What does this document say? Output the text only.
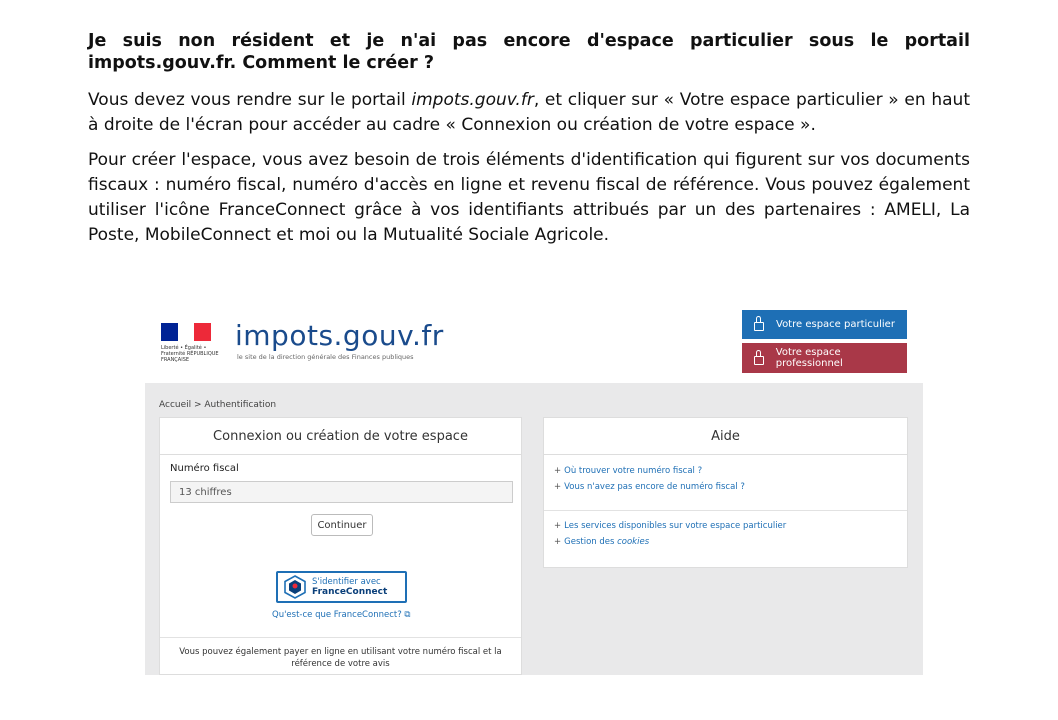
Je suis non résident et je n'ai pas encore d'espace particulier sous le portail impots.gouv.fr. Comment le créer ?

Vous devez vous rendre sur le portail impots.gouv.fr, et cliquer sur « Votre espace particulier » en haut à droite de l'écran pour accéder au cadre « Connexion ou création de votre espace ».

Pour créer l'espace, vous avez besoin de trois éléments d'identification qui figurent sur vos documents fiscaux : numéro fiscal, numéro d'accès en ligne et revenu fiscal de référence. Vous pouvez également utiliser l'icône FranceConnect grâce à vos identifiants attribués par un des partenaires : AMELI, La Poste, MobileConnect et moi ou la Mutualité Sociale Agricole.

Liberté • Égalité • Fraternité RÉPUBLIQUE FRANÇAISE
impots.gouv.fr
le site de la direction générale des Finances publiques
Votre espace particulier
Votre espace professionnel
Accueil > Authentification
Connexion ou création de votre espace
Numéro fiscal
13 chiffres
Continuer
S'identifier avec
FranceConnect
Qu'est-ce que FranceConnect? ⧉
Vous pouvez également payer en ligne en utilisant votre numéro fiscal et la référence de votre avis
Aide
+ Où trouver votre numéro fiscal ?
+ Vous n'avez pas encore de numéro fiscal ?
+ Les services disponibles sur votre espace particulier
+ Gestion des cookies
